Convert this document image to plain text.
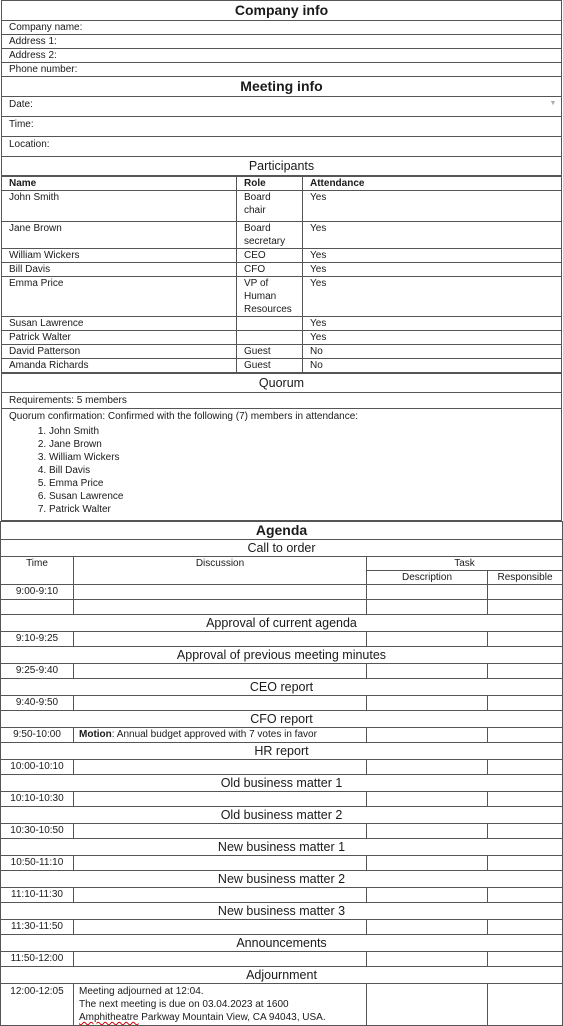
Company info
Company name:
Address 1:
Address 2:
Phone number:
Meeting info
Date:	▼

Time:
Location:
Participants
Name	Role	Attendance
John Smith	Board chair	Yes
Jane Brown	Board secretary	Yes
William Wickers	CEO	Yes
Bill Davis	CFO	Yes
Emma Price	VP of Human Resources	Yes
Susan Lawrence		Yes
Patrick Walter		Yes
David Patterson	Guest	No
Amanda Richards	Guest	No
Quorum
Requirements: 5 members

Quorum confirmation: Confirmed with the following (7) members in attendance:
1. John Smith
2. Jane Brown
3. William Wickers
4. Bill Davis
5. Emma Price
6. Susan Lawrence
7. Patrick Walter
Agenda			
Call to order			
Time	Discussion	Task	
		Description	Responsible
9:00-9:10			

Approval of current agenda			
9:10-9:25			
Approval of previous meeting minutes			
9:25-9:40			
CEO report			
9:40-9:50			
CFO report			
9:50-10:00	Motion: Annual budget approved with 7 votes in favor		
HR report			
10:00-10:10			
Old business matter 1			
10:10-10:30			
Old business matter 2			
10:30-10:50			
New business matter 1			
10:50-11:10			
New business matter 2			
11:10-11:30			
New business matter 3			
11:30-11:50			
Announcements			
11:50-12:00			
Adjournment			
12:00-12:05	Meeting adjourned at 12:04.
The next meeting is due on 03.04.2023 at 1600
Amphitheatre Parkway Mountain View, CA 94043, USA.		
